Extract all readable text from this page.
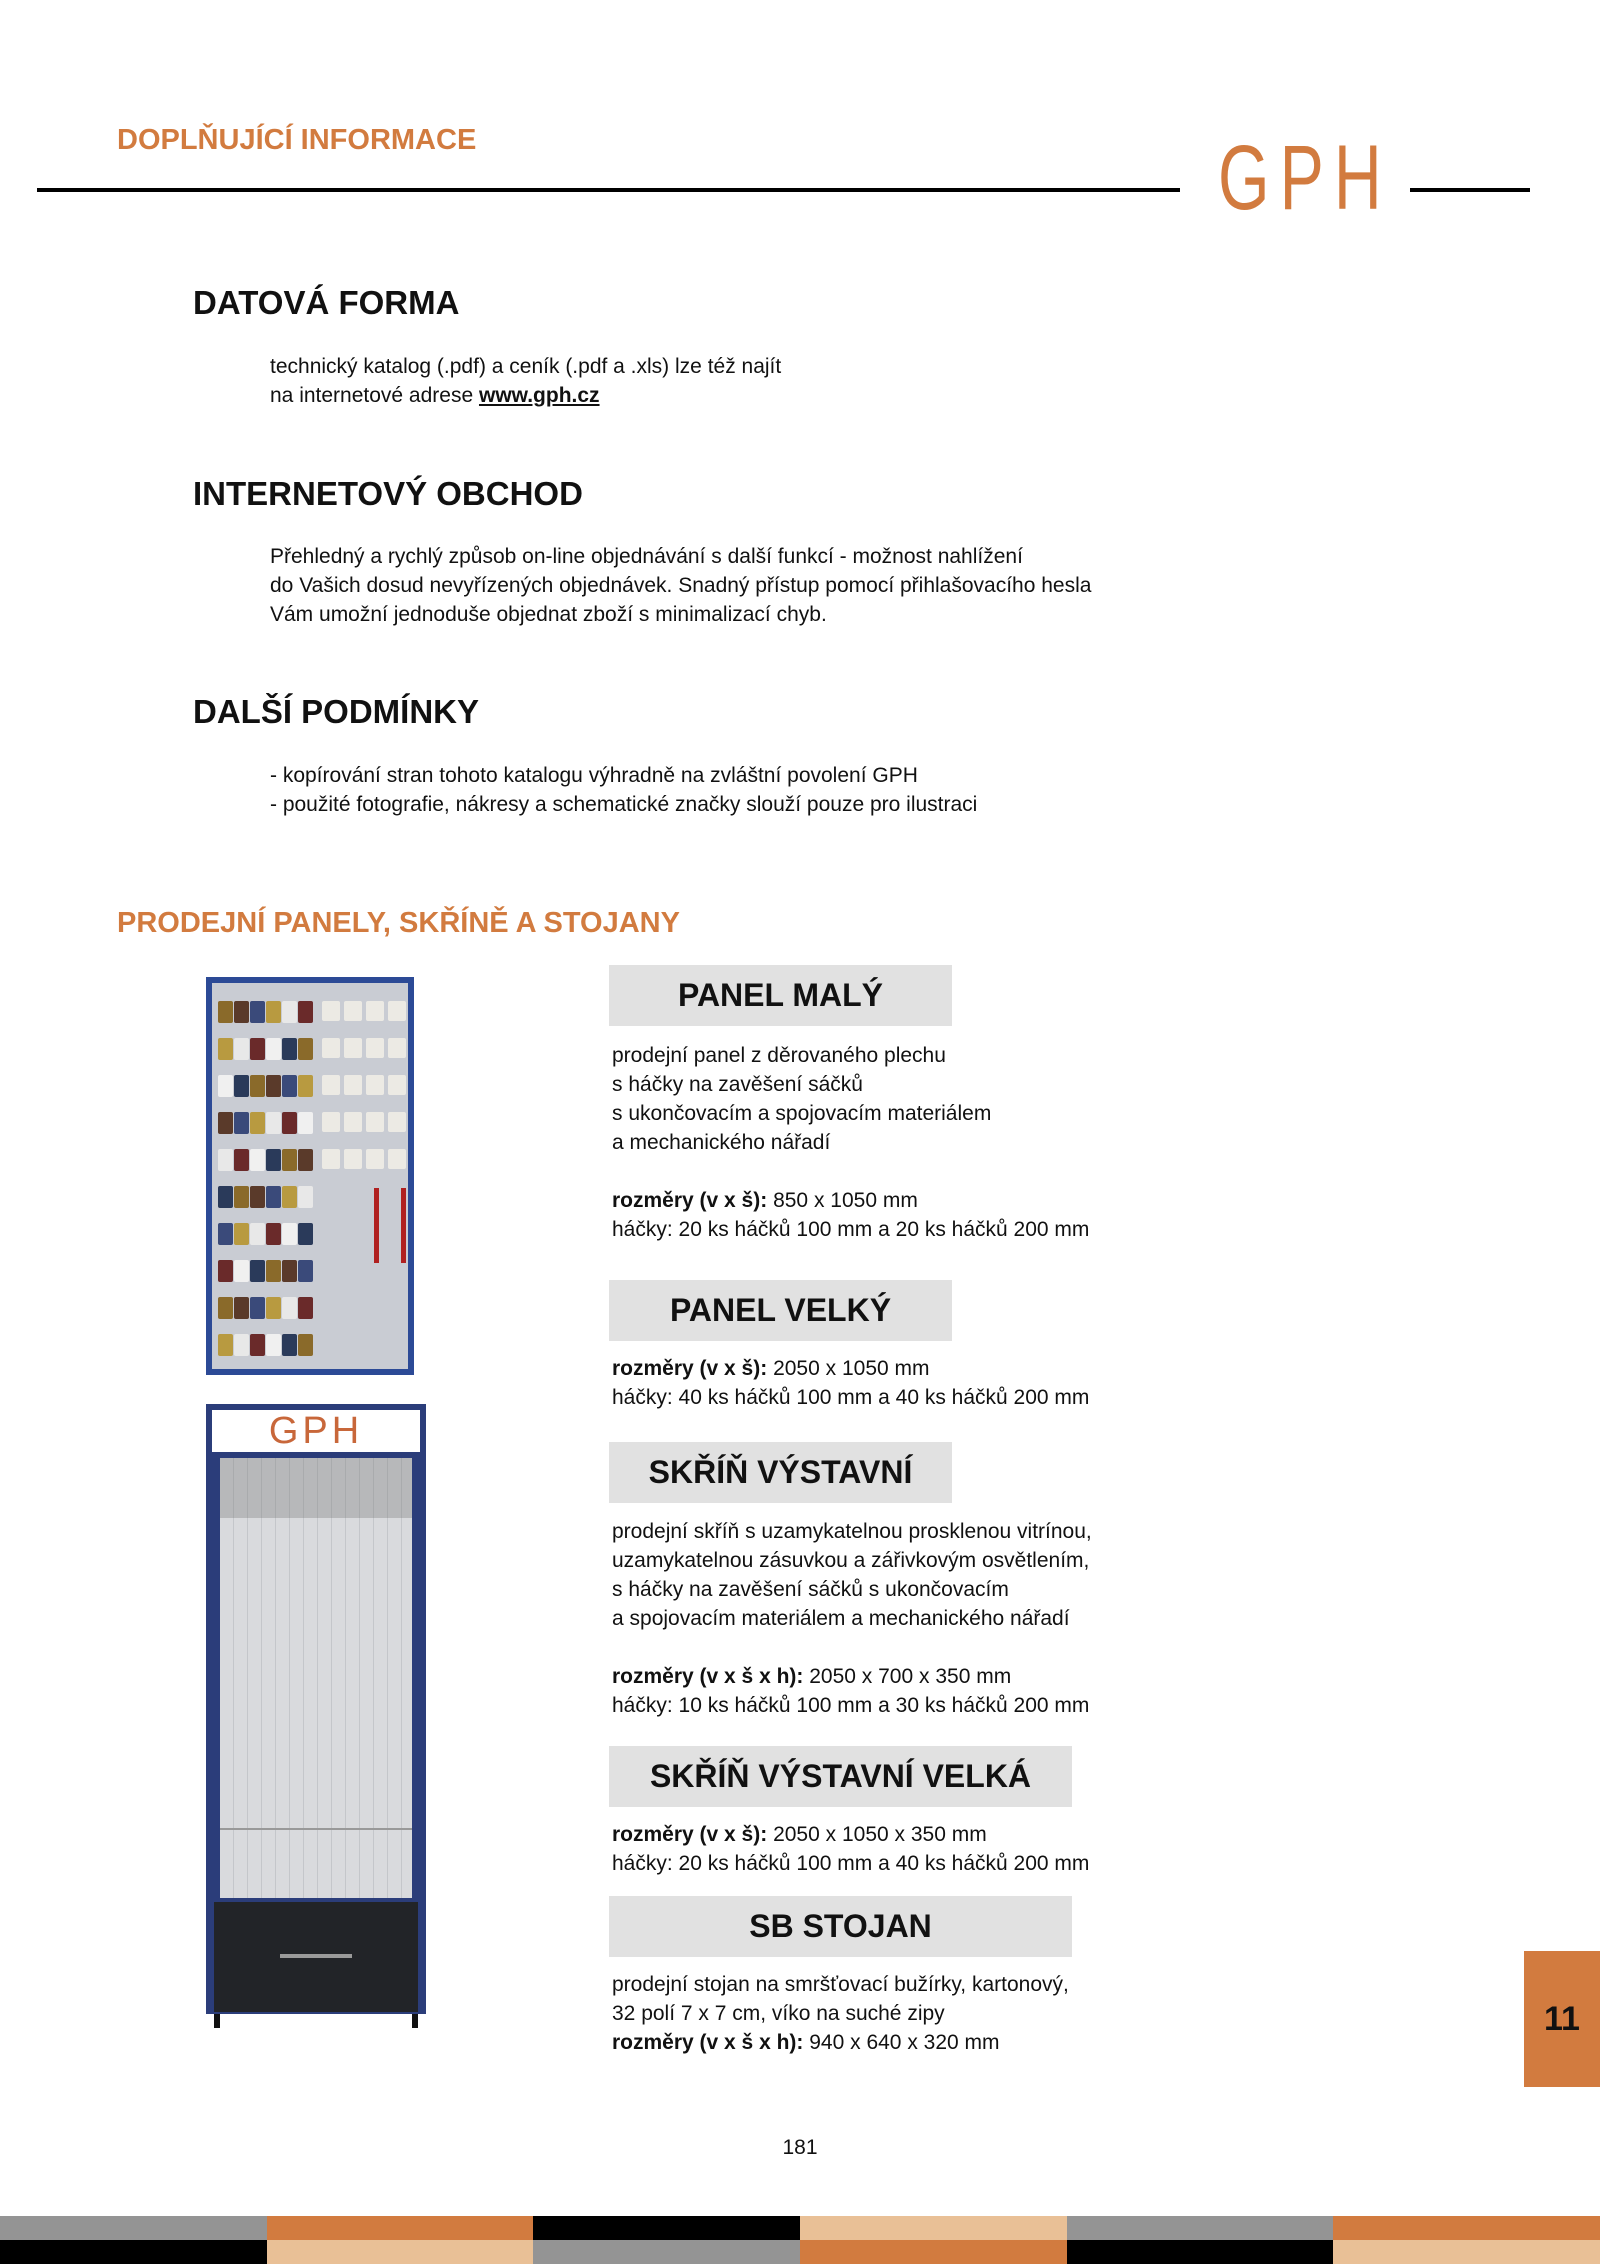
DOPLŇUJÍCÍ INFORMACE	GPH
DATOVÁ FORMA
technický katalog (.pdf) a ceník (.pdf a .xls) lze též najít
na internetové adrese www.gph.cz
INTERNETOVÝ OBCHOD
Přehledný a rychlý způsob on-line objednávání s další funkcí - možnost nahlížení
do Vašich dosud nevyřízených objednávek. Snadný přístup pomocí přihlašovacího hesla
Vám umožní jednoduše objednat zboží s minimalizací chyb.
DALŠÍ PODMÍNKY
- kopírování stran tohoto katalogu výhradně na zvláštní povolení GPH
- použité fotografie, nákresy a schematické značky slouží pouze pro ilustraci
PRODEJNÍ PANELY, SKŘÍNĚ A STOJANY
GPH
PANEL MALÝ
prodejní panel z děrovaného plechu
s háčky na zavěšení sáčků
s ukončovacím a spojovacím materiálem
a mechanického nářadí
rozměry (v x š): 850 x 1050 mm
háčky: 20 ks háčků 100 mm a 20 ks háčků 200 mm
PANEL VELKÝ
rozměry (v x š): 2050 x 1050 mm
háčky: 40 ks háčků 100 mm a 40 ks háčků 200 mm
SKŘÍŇ VÝSTAVNÍ
prodejní skříň s uzamykatelnou prosklenou vitrínou,
uzamykatelnou zásuvkou a zářivkovým osvětlením,
s háčky na zavěšení sáčků s ukončovacím
a spojovacím materiálem a mechanického nářadí
rozměry (v x š x h): 2050 x 700 x 350 mm
háčky: 10 ks háčků 100 mm a 30 ks háčků 200 mm
SKŘÍŇ VÝSTAVNÍ VELKÁ
rozměry (v x š): 2050 x 1050 x 350 mm
háčky: 20 ks háčků 100 mm a 40 ks háčků 200 mm
SB STOJAN
prodejní stojan na smršťovací bužírky, kartonový,
32 polí 7 x 7 cm, víko na suché zipy
rozměry (v x š x h): 940 x 640 x 320 mm
11
181
